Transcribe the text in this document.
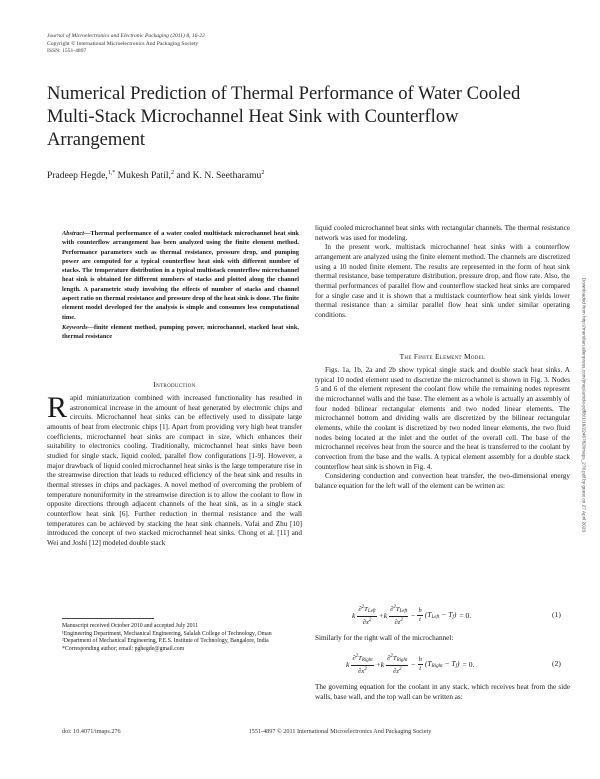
Journal of Microelectronics and Electronic Packaging (2011) 8, 16-22
Copyright © International Microelectronics And Packaging Society
ISSN: 1551-4897
Numerical Prediction of Thermal Performance of Water Cooled Multi-Stack Microchannel Heat Sink with Counterflow Arrangement
Pradeep Hegde,$^{1,*}$ Mukesh Patil,$^2$ and K. N. Seetharamu$^2$
Abstract—Thermal performance of a water cooled multistack microchannel heat sink with counterflow arrangement has been analyzed using the finite element method. Performance parameters such as thermal resistance, pressure drop, and pumping power are computed for a typical counterflow heat sink with different number of stacks. The temperature distribution in a typical multistack counterflow microchannel heat sink is obtained for different numbers of stacks and plotted along the channel length. A parametric study involving the effects of number of stacks and channel aspect ratio on thermal resistance and pressure drop of the heat sink is done. The finite element model developed for the analysis is simple and consumes less computational time.
Keywords—finite element method, pumping power, microchannel, stacked heat sink, thermal resistance
Introduction
Rapid miniaturization combined with increased functionality has resulted in astronomical increase in the amount of heat generated by electronic chips and circuits. Microchannel heat sinks can be effectively used to dissipate large amounts of heat from electronic chips [1]. Apart from providing very high heat transfer coefficients, microchannel heat sinks are compact in size, which enhances their suitability to electronics cooling. Traditionally, microchannel heat sinks have been studied for single stack, liquid cooled, parallel flow configurations [1-9]. However, a major drawback of liquid cooled microchannel heat sinks is the large temperature rise in the streamwise direction that leads to reduced efficiency of the heat sink and results in thermal stresses in chips and packages. A novel method of overcoming the problem of temperature nonuniformity in the streamwise direction is to allow the coolant to flow in opposite directions through adjacent channels of the heat sink, as in a single stack counterflow heat sink [6]. Further reduction in thermal resistance and the wall temperatures can be achieved by stacking the heat sink channels. Vafai and Zhu [10] introduced the concept of two stacked microchannel heat sinks. Chong et al. [11] and Wei and Joshi [12] modeled double stack

Manuscript received October 2010 and accepted July 2011

¹Engineering Department, Mechanical Engineering, Salalah College of Technology, Oman

²Department of Mechanical Engineering, P.E.S. Institute of Technology, Bangalore, India

*Corresponding author; email: pghegde@gmail.com

liquid cooled microchannel heat sinks with rectangular channels. The thermal resistance network was used for modeling.

In the present work, multistack microchannel heat sinks with a counterflow arrangement are analyzed using the finite element method. The channels are discretized using a 10 noded finite element. The results are represented in the form of heat sink thermal resistance, base temperature distribution, pressure drop, and flow rate. Also, the thermal performances of parallel flow and counterflow stacked heat sinks are compared for a single case and it is shown that a multistack counterflow heat sink yields lower thermal resistance than a similar parallel flow heat sink under similar operating conditions.

The Finite Element Model

Figs. 1a, 1b, 2a and 2b show typical single stack and double stack heat sinks. A typical 10 noded element used to discretize the microchannel is shown in Fig. 3. Nodes 5 and 6 of the element represent the coolant flow while the remaining nodes represent the microchannel walls and the base. The element as a whole is actually an assembly of four noded bilinear rectangular elements and two noded linear elements. The microchannel bottom and dividing walls are discretized by the bilinear rectangular elements, while the coolant is discretized by two noded linear elements, the two fluid nodes being located at the inlet and the outlet of the overall cell. The base of the microchannel receives heat from the source and the heat is transferred to the coolant by convection from the base and the walls. A typical element assembly for a double stack counterflow heat sink is shown in Fig. 4.

Considering conduction and convection heat transfer, the two-dimensional energy balance equation for the left wall of the element can be written as:

k $\frac{\partial^2T_{Left}}{\partial x^2} + k \frac{\partial^2T_{Left}}{\partial z^2} - \frac{h}{t} (T_{Left} - T_f) = 0$.	(1)

Similarly for the right wall of the microchannel:

k $\frac{\partial^2T_{Right}}{\partial x^2} + k \frac{\partial^2T_{Right}}{\partial z^2} - \frac{h}{t} (T_{Right} - T_f) = 0$.	(2)

The governing equation for the coolant in any stack, which receives heat from the side walls, base wall, and the top wall can be written as:

doi: 10.4071/imaps.276	1551-4897 © 2011 International Microelectronics And Packaging Society
Downloaded from http://meridian.allenpress.com/jmep/article-pdf/8/1/16/2246782/imaps_276.pdf by guest on 27 April 2023
